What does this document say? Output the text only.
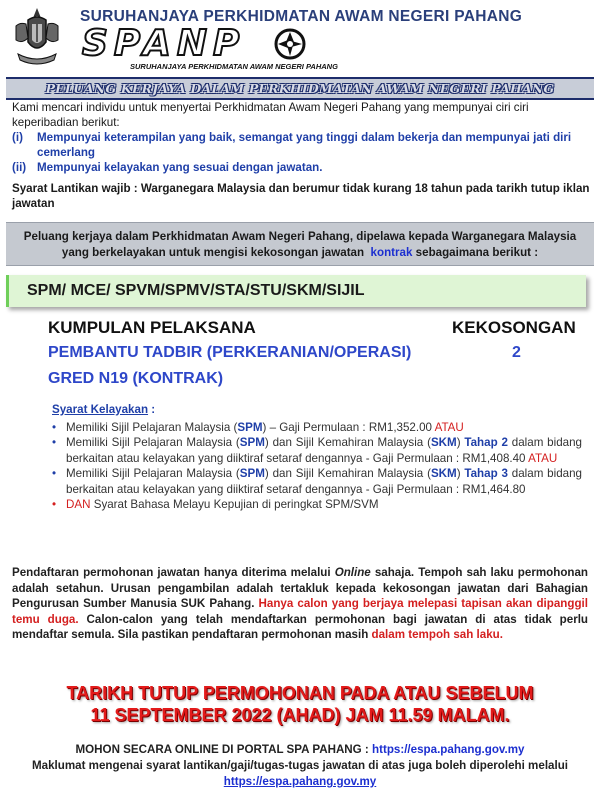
SURUHANJAYA PERKHIDMATAN AWAM NEGERI PAHANG
SPANP
SURUHANJAYA PERKHIDMATAN AWAM NEGERI PAHANG
PELUANG KERJAYA DALAM PERKHIDMATAN AWAM NEGERI PAHANG

Kami mencari individu untuk menyertai Perkhidmatan Awam Negeri Pahang yang mempunyai ciri ciri keperibadian berikut:

(i)	Mempunyai keterampilan yang baik, semangat yang tinggi dalam bekerja dan mempunyai jati diri cemerlang
(ii) Mempunyai kelayakan yang sesuai dengan jawatan.

Syarat Lantikan wajib : Warganegara Malaysia dan berumur tidak kurang 18 tahun pada tarikh tutup iklan jawatan

Peluang kerjaya dalam Perkhidmatan Awam Negeri Pahang, dipelawa kepada Warganegara Malaysia
yang berkelayakan untuk mengisi kekosongan jawatan kontrak sebagaimana berikut :
SPM/ MCE/ SPVM/SPMV/STA/STU/SKM/SIJIL
KUMPULAN PELAKSANA	KEKOSONGAN
PEMBANTU TADBIR (PERKERANIAN/OPERASI)	2
GRED N19 (KONTRAK)
Syarat Kelayakan :
• Memiliki Sijil Pelajaran Malaysia (SPM) – Gaji Permulaan : RM1,352.00 ATAU
• Memiliki Sijil Pelajaran Malaysia (SPM) dan Sijil Kemahiran Malaysia (SKM) Tahap 2 dalam bidang berkaitan atau kelayakan yang diiktiraf setaraf dengannya - Gaji Permulaan : RM1,408.40 ATAU
• Memiliki Sijil Pelajaran Malaysia (SPM) dan Sijil Kemahiran Malaysia (SKM) Tahap 3 dalam bidang berkaitan atau kelayakan yang diiktiraf setaraf dengannya - Gaji Permulaan : RM1,464.80
• DAN Syarat Bahasa Melayu Kepujian di peringkat SPM/SVM
Pendaftaran permohonan jawatan hanya diterima melalui Online sahaja. Tempoh sah laku permohonan adalah setahun. Urusan pengambilan adalah tertakluk kepada kekosongan jawatan dari Bahagian Pengurusan Sumber Manusia SUK Pahang. Hanya calon yang berjaya melepasi tapisan akan dipanggil temu duga. Calon-calon yang telah mendaftarkan permohonan bagi jawatan di atas tidak perlu mendaftar semula. Sila pastikan pendaftaran permohonan masih dalam tempoh sah laku.
TARIKH TUTUP PERMOHONAN PADA ATAU SEBELUM
11 SEPTEMBER 2022 (AHAD) JAM 11.59 MALAM.
MOHON SECARA ONLINE DI PORTAL SPA PAHANG : https://espa.pahang.gov.my
Maklumat mengenai syarat lantikan/gaji/tugas-tugas jawatan di atas juga boleh diperolehi melalui
https://espa.pahang.gov.my
